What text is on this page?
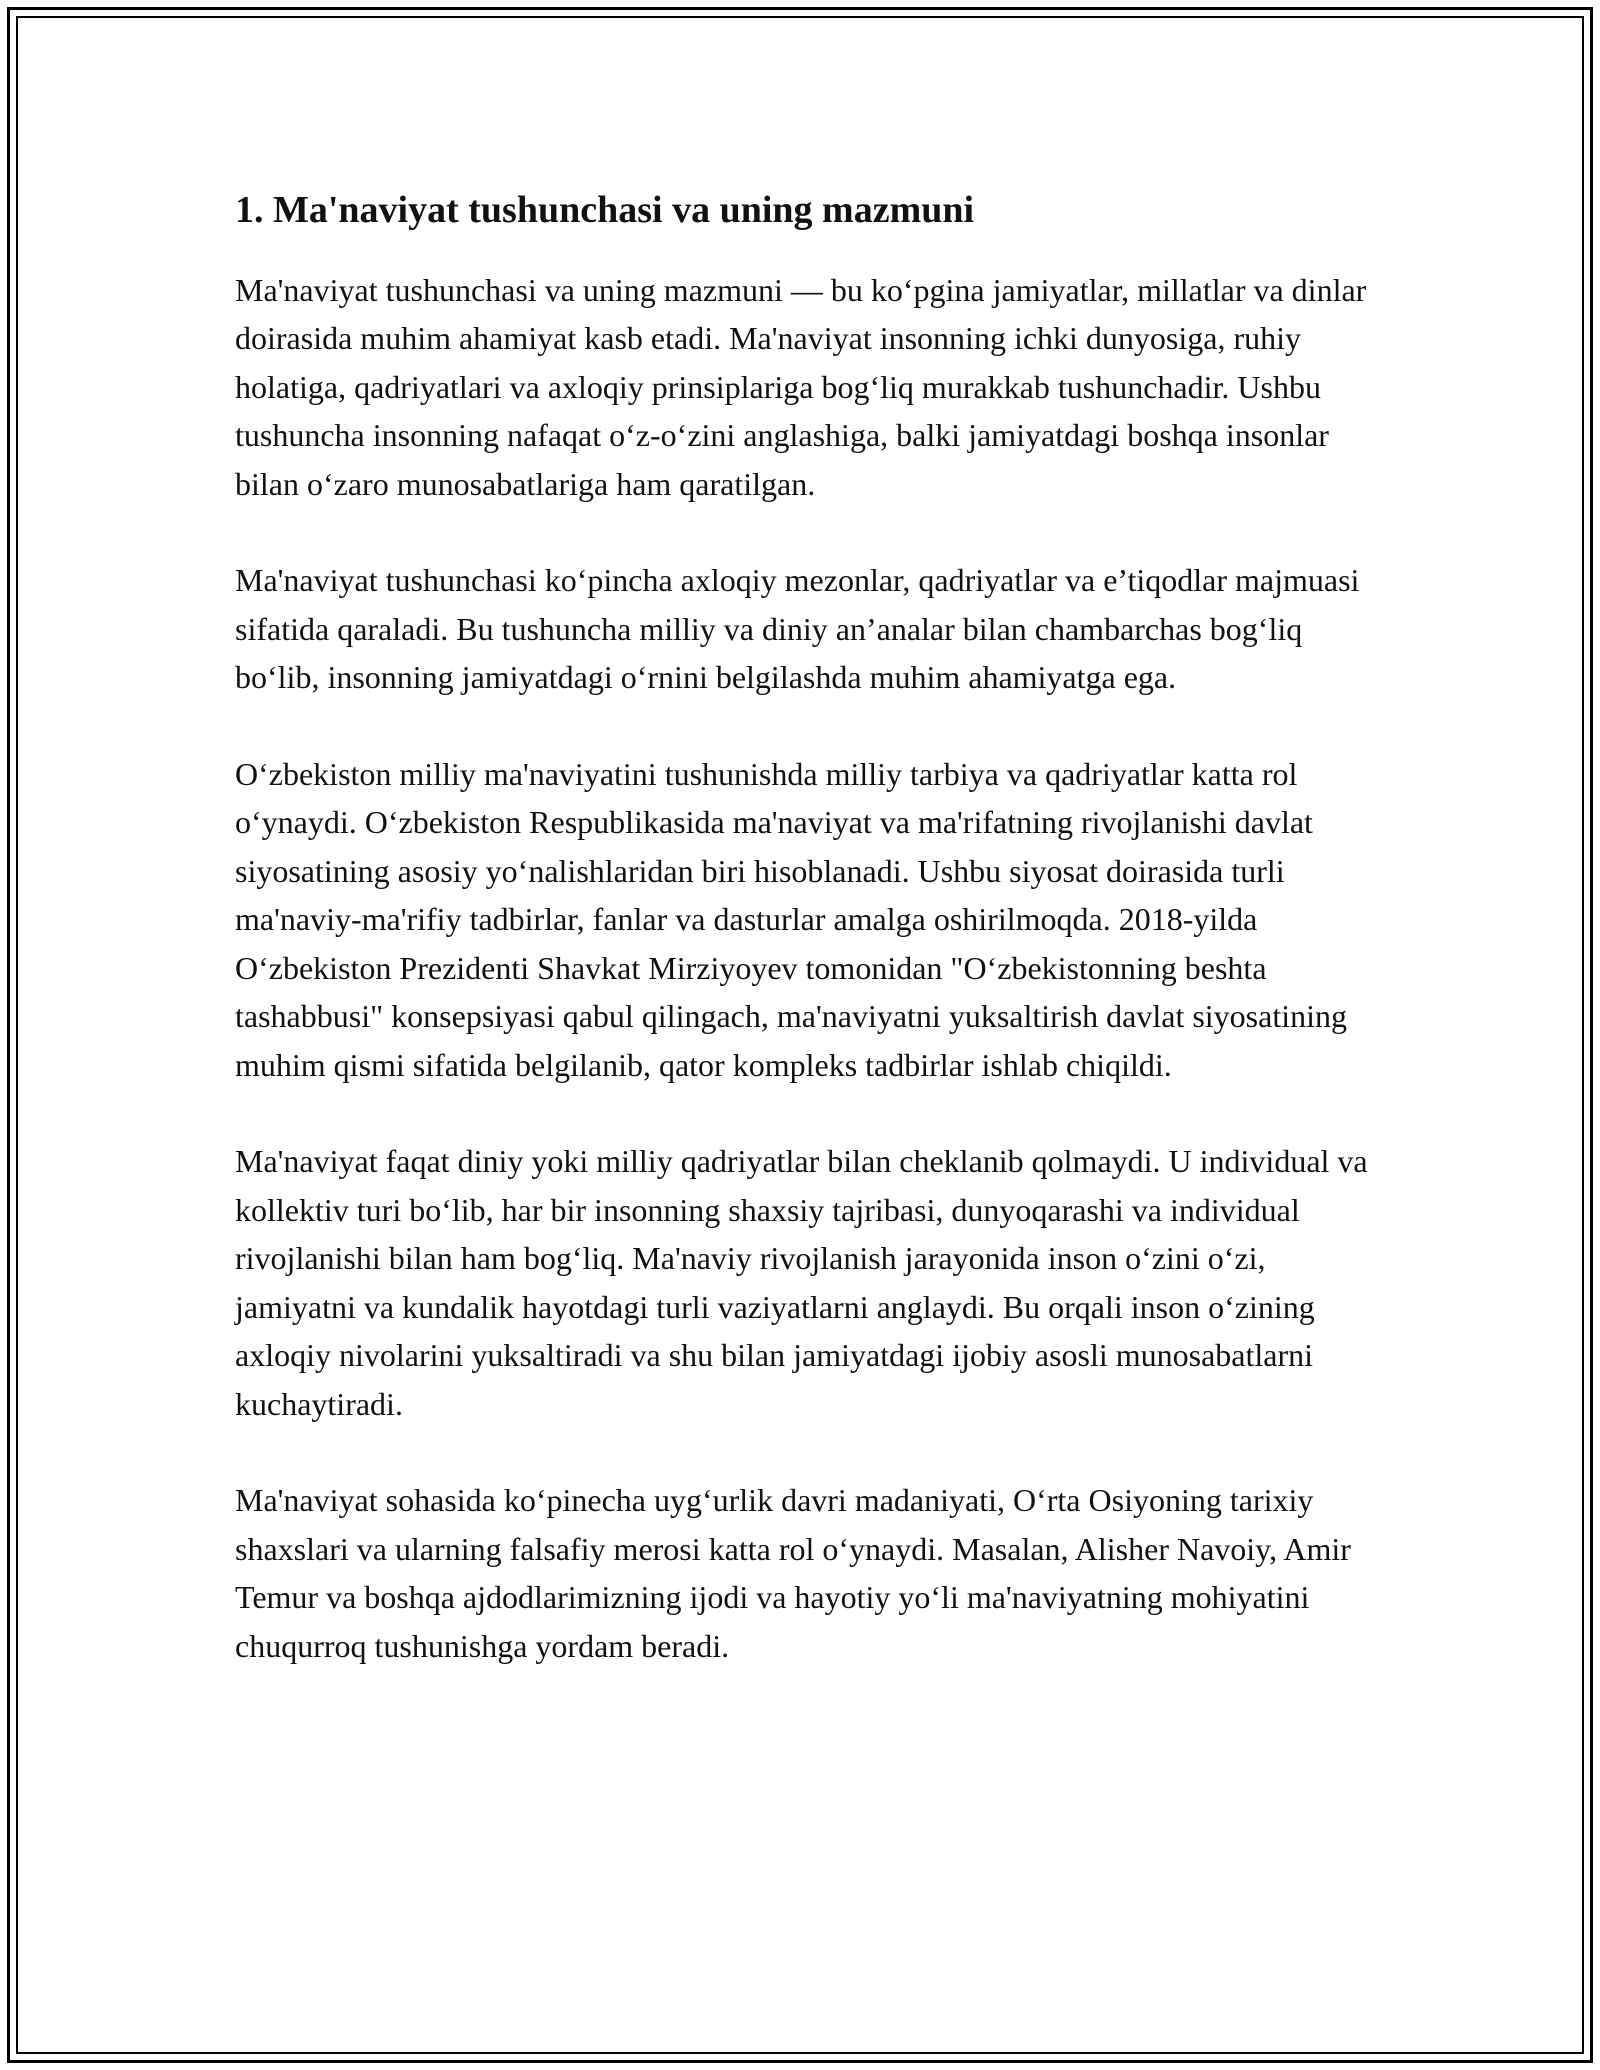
1. Ma'naviyat tushunchasi va uning mazmuni

Ma'naviyat tushunchasi va uning mazmuni — bu koʻpgina jamiyatlar, millatlar va dinlar doirasida muhim ahamiyat kasb etadi. Ma'naviyat insonning ichki dunyosiga, ruhiy holatiga, qadriyatlari va axloqiy prinsiplariga bogʻliq murakkab tushunchadir. Ushbu tushuncha insonning nafaqat oʻz-oʻzini anglashiga, balki jamiyatdagi boshqa insonlar bilan oʻzaro munosabatlariga ham qaratilgan.

Ma'naviyat tushunchasi koʻpincha axloqiy mezonlar, qadriyatlar va e’tiqodlar majmuasi sifatida qaraladi. Bu tushuncha milliy va diniy an’analar bilan chambarchas bogʻliq boʻlib, insonning jamiyatdagi oʻrnini belgilashda muhim ahamiyatga ega.

Oʻzbekiston milliy ma'naviyatini tushunishda milliy tarbiya va qadriyatlar katta rol oʻynaydi. Oʻzbekiston Respublikasida ma'naviyat va ma'rifatning rivojlanishi davlat siyosatining asosiy yoʻnalishlaridan biri hisoblanadi. Ushbu siyosat doirasida turli ma'naviy-ma'rifiy tadbirlar, fanlar va dasturlar amalga oshirilmoqda. 2018-yilda Oʻzbekiston Prezidenti Shavkat Mirziyoyev tomonidan "Oʻzbekistonning beshta tashabbusi" konsepsiyasi qabul qilingach, ma'naviyatni yuksaltirish davlat siyosatining muhim qismi sifatida belgilanib, qator kompleks tadbirlar ishlab chiqildi.

Ma'naviyat faqat diniy yoki milliy qadriyatlar bilan cheklanib qolmaydi. U individual va kollektiv turi boʻlib, har bir insonning shaxsiy tajribasi, dunyoqarashi va individual rivojlanishi bilan ham bogʻliq. Ma'naviy rivojlanish jarayonida inson oʻzini oʻzi, jamiyatni va kundalik hayotdagi turli vaziyatlarni anglaydi. Bu orqali inson oʻzining axloqiy nivolarini yuksaltiradi va shu bilan jamiyatdagi ijobiy asosli munosabatlarni kuchaytiradi.

Ma'naviyat sohasida koʻpinecha uygʻurlik davri madaniyati, Oʻrta Osiyoning tarixiy shaxslari va ularning falsafiy merosi katta rol oʻynaydi. Masalan, Alisher Navoiy, Amir Temur va boshqa ajdodlarimizning ijodi va hayotiy yoʻli ma'naviyatning mohiyatini chuqurroq tushunishga yordam beradi.
